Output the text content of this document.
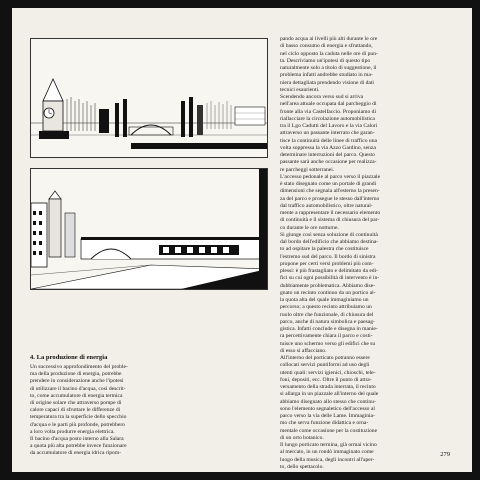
4. La produzione di energia
Un successivo approfondimento del proble-
ma della produzione di energia, potrebbe
prendere in considerazione anche l'ipotesi
di utilizzare il bacino d'acqua, così descrit-
to, come accumulatore di energia termica
di origine solare che attraverso pompe di
calore capaci di sfruttare le differenze di
temperatura tra la superficie dello specchio
d'acqua e le parti più profonde, potrebbero
a loro volta produrre energia elettrica.
Il bacino d'acqua posto interno alla Salara
a quota più alta potrebbe invece funzionare
da accumulatore di energia idrica ripom-

pando acqua ai livelli più alti durante le ore
di basso consumo di energia e sfruttando,
nel ciclo opposto la caduta nelle ore di pun-
ta. Descriviamo un'ipotesi di questo tipo
naturalmente solo a titolo di suggestione, il
problema infatti andrebbe studiato in ma-
niera dettagliata prendendo visione di dati
tecnici esaurienti.

Scendendo ancora verso sud si arriva
nell'area attuale occupata dal parcheggio di
fronte alla via Castelfaccio. Proponiamo di
riallacciare la circolazione automobilistica
tra il Lgo Cadutti del Lavoro e la via Calori
attraverso un passante interrato che garan-
tisce la continuità delle linee di traffico una
volta soppressa la via Azzo Gardino, senza
determinare interruzioni del parco. Questo
passante sarà anche occasione per realizza-
re parcheggi sotterranei.

L'accesso pedonale al parco verso il piazzale
è stato disegnato come un portale di grandi
dimensioni che segnala all'esterno la presen-
za del parco e prosegue le stesso dall'interno
dal traffico automobilistico, oltre natural-
mente a rappresentare il necessario elemento
di continuità e il sistema di chiusura del par-
co durante le ore notturne.

Si giunge così senza soluzione di continuità
dal bordo dell'edificio che abbiamo destina-
to ad ospitare la palestra che costituisce
l'estremo sud del parco. Il bordo di sinistra
propone per certi versi problemi più com-
plessi: è più frastagliato e delimitato da edi-
fici su cui ogni possibilità di intervento è in-
dubbiamente problematica. Abbiamo dise-
gnato un recinto continuo da un portico al-
la quota alta del quale immaginiamo un
percorso; a questo recinto attribuiamo un
ruolo oltre che funzionale, di chiusura del
parco, anche di natura simbolica e paesag-
gistica. Infatti conclude e disegna in manie-
ra percettivamente chiara il parco e costi-
tuisce uno schermo verso gli edifici che su
di esso si affacciano.

All'interno del porticato potranno essere
collocati servizi puntiformi ad uso degli
utenti quali: servizi igienici, chioschi, tele-
foni, depositi, ecc. Oltre il punto di attra-
versamento della strada interrata, il recinto
si allarga in un piazzale all'interno del quale
abbiamo disegnato allo stesso che continu-
sono l'elemento segnaletico dell'accesso al
parco verso la via delle Lame. Immaginia-
mo che serva funzione didattica e orna-
mentale come occasione per la costituzione
di un orto botanico.

Il lungo porticato termina, già ormai vicino
al mercato, in un rondò immaginato come
luogo della musica, degli incontri all'aper-
to, dello spettacolo.

279
